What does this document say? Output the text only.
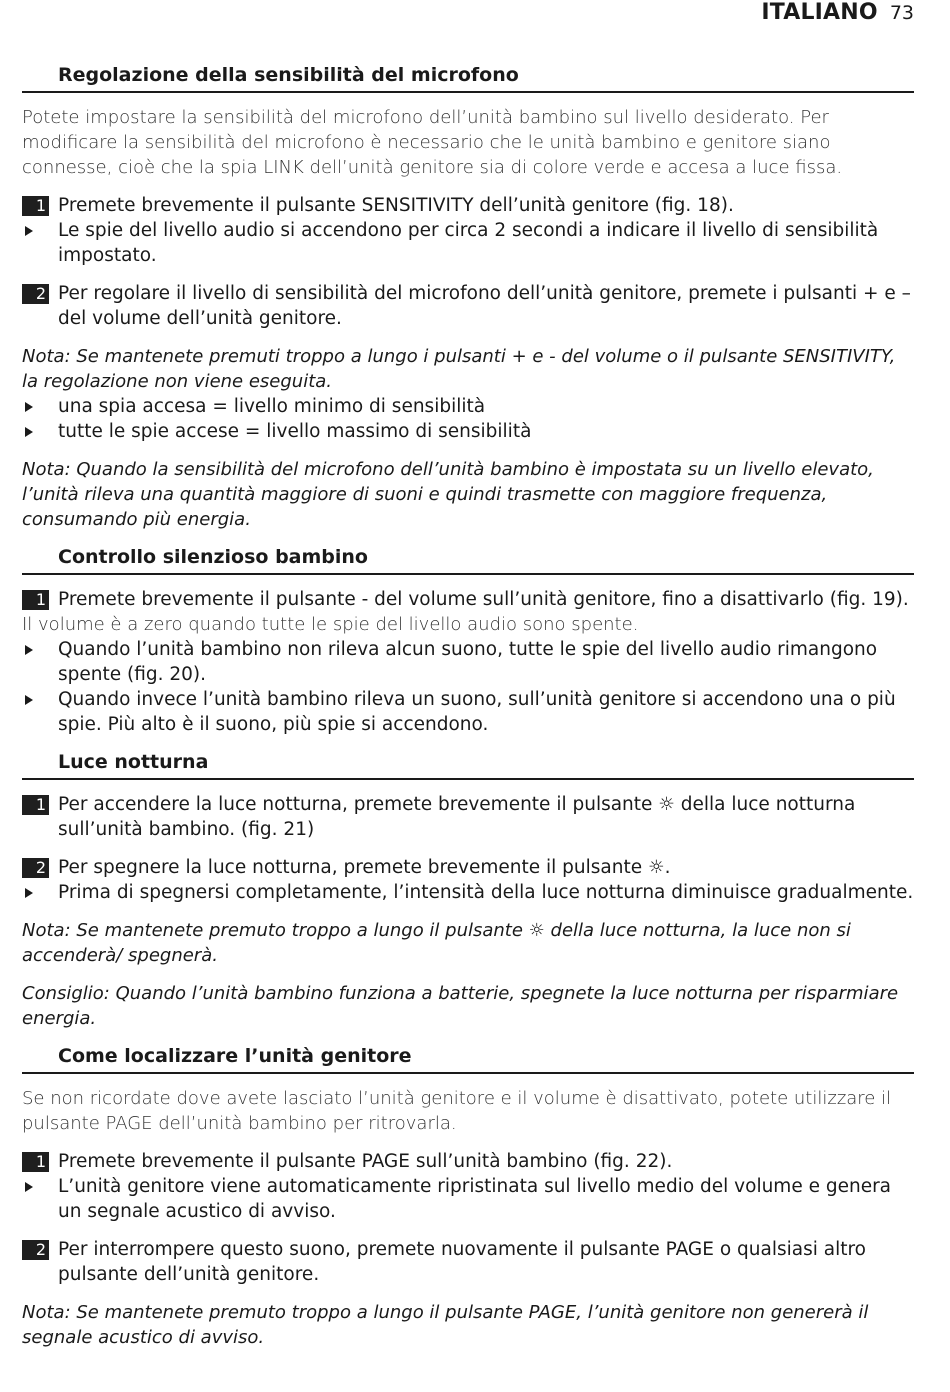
ITALIANO 73
Regolazione della sensibilità del microfono
Potete impostare la sensibilità del microfono dell’unità bambino sul livello desiderato. Per modificare la sensibilità del microfono è necessario che le unità bambino e genitore siano connesse, cioè che la spia LINK dell’unità genitore sia di colore verde e accesa a luce fissa.
1 Premete brevemente il pulsante SENSITIVITY dell’unità genitore (fig. 18).
Le spie del livello audio si accendono per circa 2 secondi a indicare il livello di sensibilità impostato.
2 Per regolare il livello di sensibilità del microfono dell’unità genitore, premete i pulsanti + e – del volume dell’unità genitore.
Nota: Se mantenete premuti troppo a lungo i pulsanti + e - del volume o il pulsante SENSITIVITY, la regolazione non viene eseguita.
una spia accesa = livello minimo di sensibilità
tutte le spie accese = livello massimo di sensibilità
Nota: Quando la sensibilità del microfono dell’unità bambino è impostata su un livello elevato, l’unità rileva una quantità maggiore di suoni e quindi trasmette con maggiore frequenza, consumando più energia.
Controllo silenzioso bambino
1 Premete brevemente il pulsante - del volume sull’unità genitore, fino a disattivarlo (fig. 19).
Il volume è a zero quando tutte le spie del livello audio sono spente.
Quando l’unità bambino non rileva alcun suono, tutte le spie del livello audio rimangono spente (fig. 20).
Quando invece l’unità bambino rileva un suono, sull’unità genitore si accendono una o più spie. Più alto è il suono, più spie si accendono.
Luce notturna
1 Per accendere la luce notturna, premete brevemente il pulsante ☼ della luce notturna sull’unità bambino. (fig. 21)
2 Per spegnere la luce notturna, premete brevemente il pulsante ☼.
Prima di spegnersi completamente, l’intensità della luce notturna diminuisce gradualmente.
Nota: Se mantenete premuto troppo a lungo il pulsante ☼ della luce notturna, la luce non si accenderà/ spegnerà.
Consiglio: Quando l’unità bambino funziona a batterie, spegnete la luce notturna per risparmiare energia.
Come localizzare l’unità genitore
Se non ricordate dove avete lasciato l’unità genitore e il volume è disattivato, potete utilizzare il pulsante PAGE dell’unità bambino per ritrovarla.
1 Premete brevemente il pulsante PAGE sull’unità bambino (fig. 22).
L’unità genitore viene automaticamente ripristinata sul livello medio del volume e genera un segnale acustico di avviso.
2 Per interrompere questo suono, premete nuovamente il pulsante PAGE o qualsiasi altro pulsante dell’unità genitore.
Nota: Se mantenete premuto troppo a lungo il pulsante PAGE, l’unità genitore non genererà il segnale acustico di avviso.
